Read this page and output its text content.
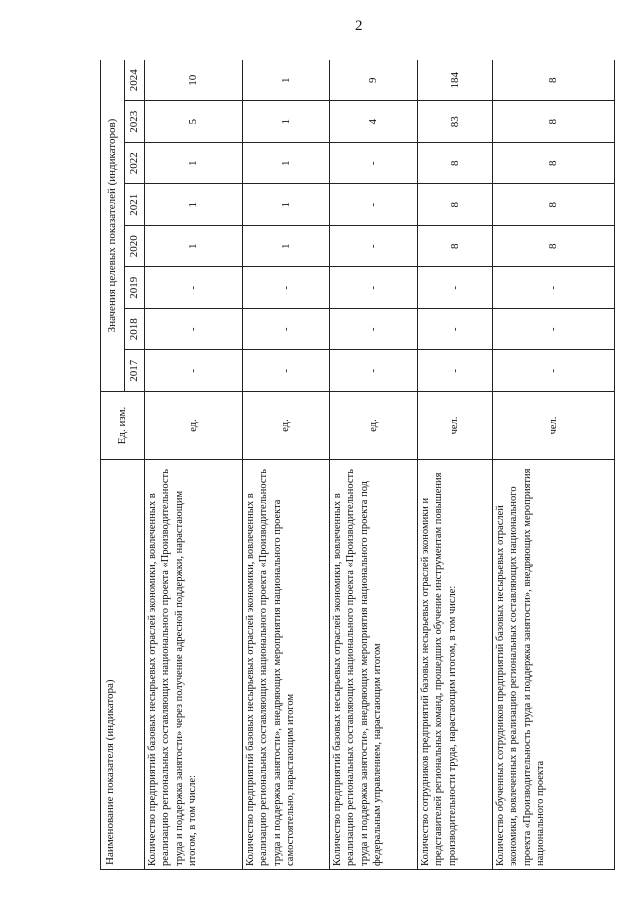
2
Наименование показателя (индикатора)	Ед. изм.	Значения целевых показателей (индикаторов)							
		2017	2018	2019	2020	2021	2022	2023	2024
Количество предприятий базовых несырьевых отраслей экономики, вовлеченных в реализацию региональных составляющих национального проекта «Производительность труда и поддержка занятости» через получение адресной поддержки, нарастающим итогом, в том числе:	ед.	-	-	-	1	1	1	5	10
Количество предприятий базовых несырьевых отраслей экономики, вовлеченных в реализацию региональных составляющих национального проекта «Производительность труда и поддержка занятости», внедряющих мероприятия национального проекта самостоятельно, нарастающим итогом	ед.	-	-	-	1	1	1	1	1
Количество предприятий базовых несырьевых отраслей экономики, вовлеченных в реализацию региональных составляющих национального проекта «Производительность труда и поддержка занятости», внедряющих мероприятия национального проекта под федеральным управлением, нарастающим итогом	ед.	-	-	-	-	-	-	4	9
Количество сотрудников предприятий базовых несырьевых отраслей экономики и представителей региональных команд, прошедших обучение инструментам повышения производительности труда, нарастающим итогом, в том числе:	чел.	-	-	-	8	8	8	83	184
Количество обученных сотрудников предприятий базовых несырьевых отраслей экономики, вовлеченных в реализацию региональных составляющих национального проекта «Производительность труда и поддержка занятости», внедряющих мероприятия национального проекта	чел.	-	-	-	8	8	8	8	8
